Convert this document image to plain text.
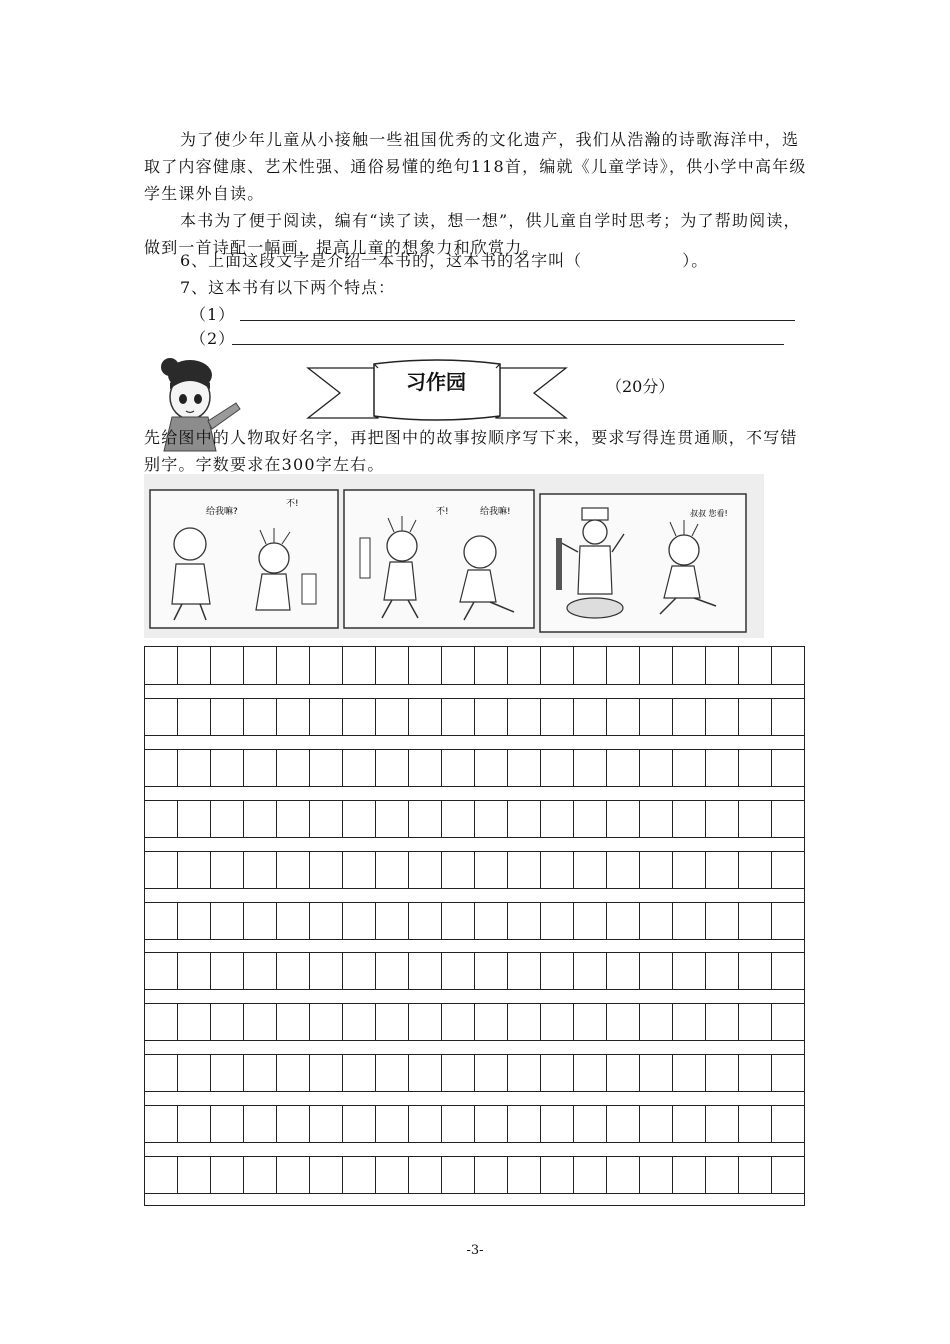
为了使少年儿童从小接触一些祖国优秀的文化遗产，我们从浩瀚的诗歌海洋中，选取了内容健康、艺术性强、通俗易懂的绝句118首，编就《儿童学诗》，供小学中高年级学生课外自读。

本书为了便于阅读，编有“读了读，想一想”，供儿童自学时思考；为了帮助阅读，做到一首诗配一幅画，提高儿童的想象力和欣赏力。

6、上面这段文字是介绍一本书的，这本书的名字叫（	）。
7、这本书有以下两个特点：
（1）
（2）
习作园	（20分）

先给图中的人物取好名字，再把图中的故事按顺序写下来，要求写得连贯通顺，不写错别字。字数要求在300字左右。

给我嘛?
不!
不!	给我嘛!	叔叔 您看!
-3-
